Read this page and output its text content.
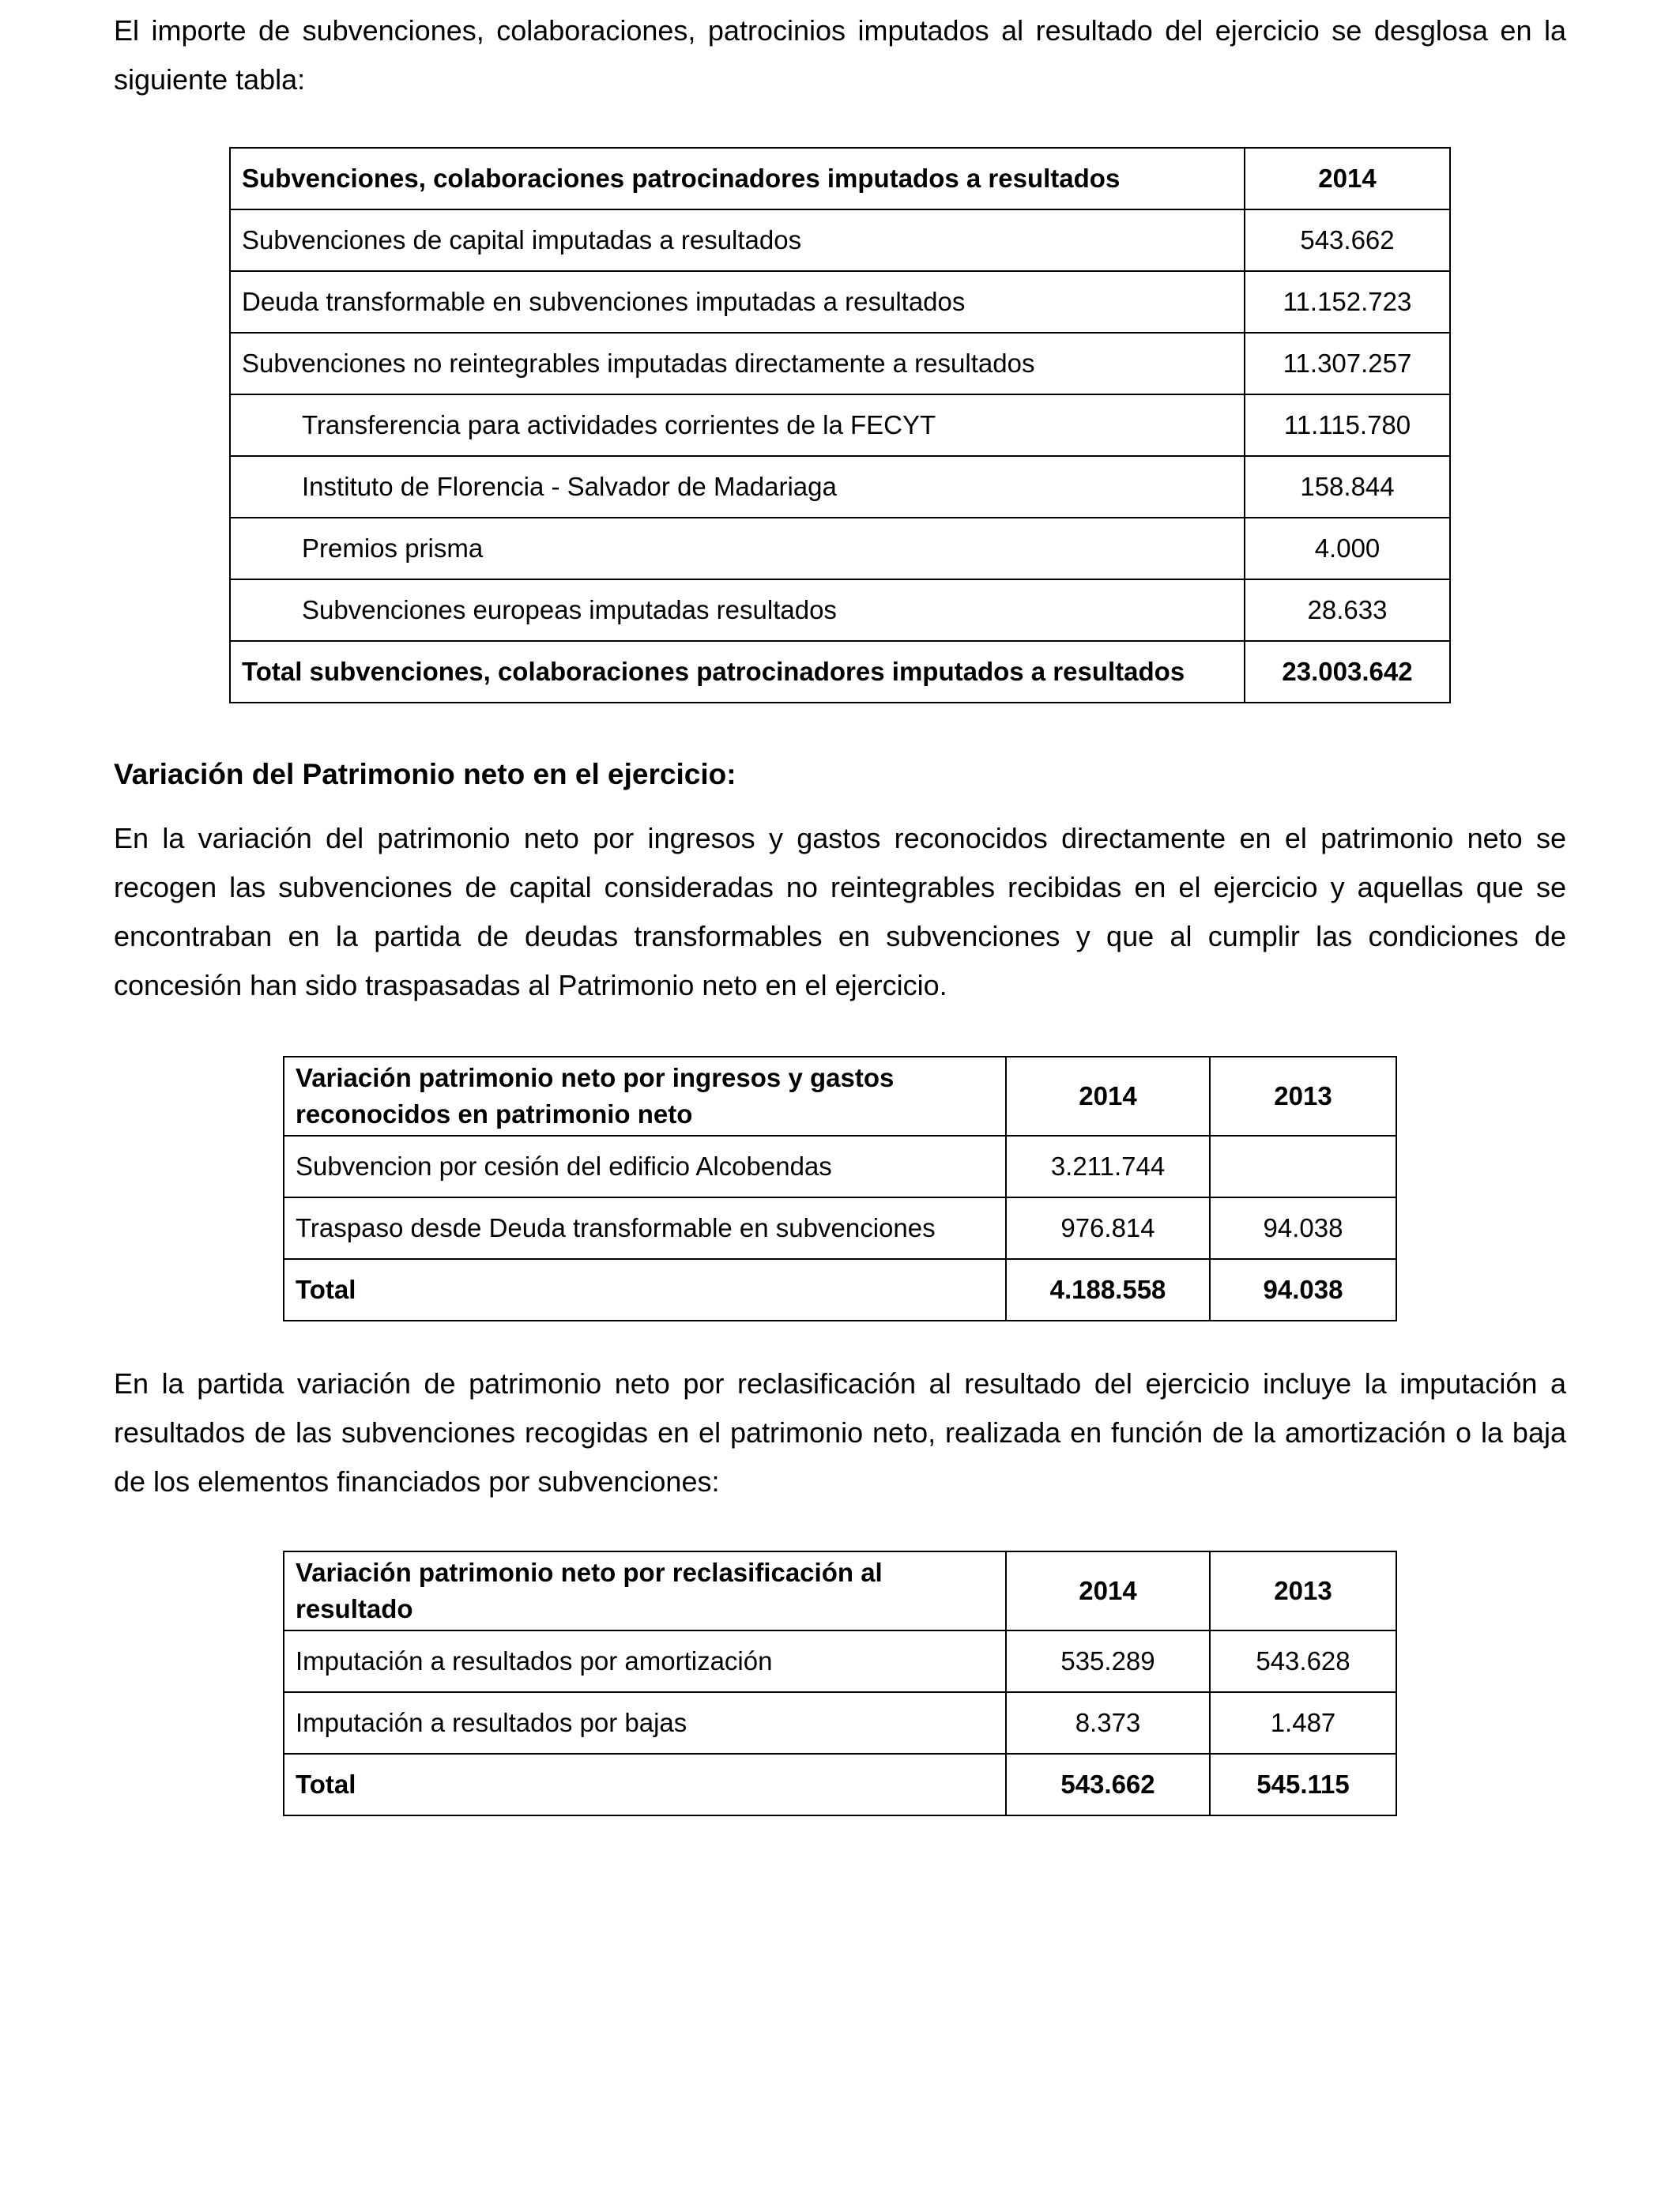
El importe de subvenciones, colaboraciones, patrocinios imputados al resultado del ejercicio se desglosa en la siguiente tabla:

Subvenciones, colaboraciones patrocinadores imputados a resultados	2014
Subvenciones de capital imputadas a resultados	543.662
Deuda transformable en subvenciones imputadas a resultados	11.152.723
Subvenciones no reintegrables imputadas directamente a resultados	11.307.257
Transferencia para actividades corrientes de la FECYT	11.115.780
Instituto de Florencia - Salvador de Madariaga	158.844
Premios prisma	4.000
Subvenciones europeas imputadas resultados	28.633
Total subvenciones, colaboraciones patrocinadores imputados a resultados	23.003.642
Variación del Patrimonio neto en el ejercicio:

En la variación del patrimonio neto por ingresos y gastos reconocidos directamente en el patrimonio neto se recogen las subvenciones de capital consideradas no reintegrables recibidas en el ejercicio y aquellas que se encontraban en la partida de deudas transformables en subvenciones y que al cumplir las condiciones de concesión han sido traspasadas al Patrimonio neto en el ejercicio.

Variación patrimonio neto por ingresos y gastos reconocidos en patrimonio neto	2014	2013
Subvencion por cesión del edificio Alcobendas	3.211.744	
Traspaso desde Deuda transformable en subvenciones	976.814	94.038
Total	4.188.558	94.038

En la partida variación de patrimonio neto por reclasificación al resultado del ejercicio incluye la imputación a resultados de las subvenciones recogidas en el patrimonio neto, realizada en función de la amortización o la baja de los elementos financiados por subvenciones:

Variación patrimonio neto por reclasificación al resultado	2014	2013
Imputación a resultados por amortización	535.289	543.628
Imputación a resultados por bajas	8.373	1.487
Total	543.662	545.115
